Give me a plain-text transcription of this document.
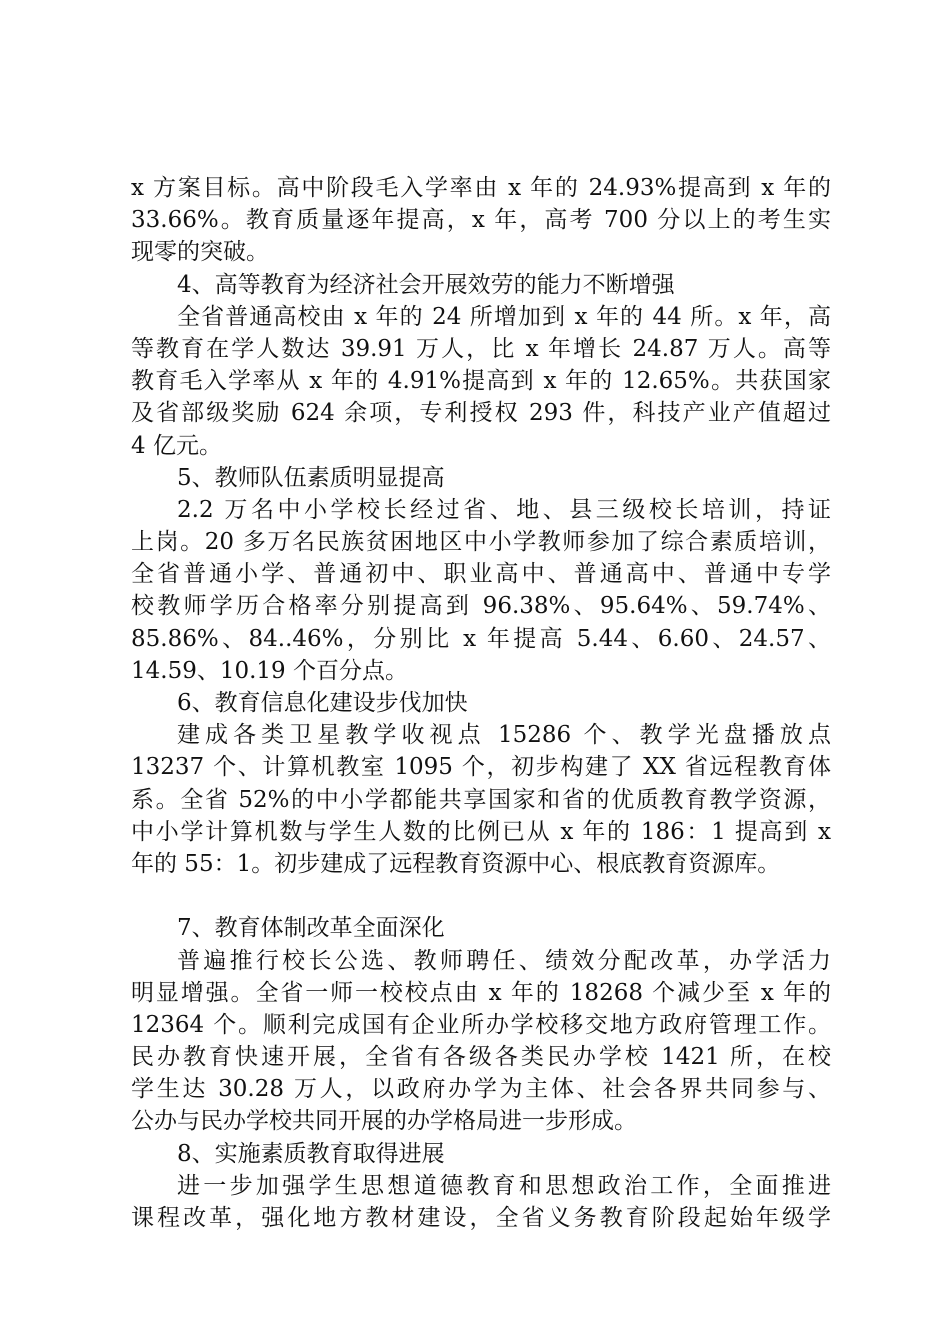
x 方案目标。高中阶段毛入学率由 x 年的 24.93%提高到 x 年的
33.66%。教育质量逐年提高，x 年，高考 700 分以上的考生实
现零的突破。
4、高等教育为经济社会开展效劳的能力不断增强
全省普通高校由 x 年的 24 所增加到 x 年的 44 所。x 年，高
等教育在学人数达 39.91 万人，比 x 年增长 24.87 万人。高等
教育毛入学率从 x 年的 4.91%提高到 x 年的 12.65%。共获国家
及省部级奖励 624 余项，专利授权 293 件，科技产业产值超过
4 亿元。
5、教师队伍素质明显提高
2.2 万名中小学校长经过省、地、县三级校长培训，持证
上岗。20 多万名民族贫困地区中小学教师参加了综合素质培训，
全省普通小学、普通初中、职业高中、普通高中、普通中专学
校教师学历合格率分别提高到 96.38%、95.64%、59.74%、
85.86%、84..46%，分别比 x 年提高 5.44、6.60、24.57、
14.59、10.19 个百分点。
6、教育信息化建设步伐加快
建成各类卫星教学收视点 15286 个、教学光盘播放点
13237 个、计算机教室 1095 个，初步构建了 XX 省远程教育体
系。全省 52%的中小学都能共享国家和省的优质教育教学资源，
中小学计算机数与学生人数的比例已从 x 年的 186：1 提高到 x
年的 55：1。初步建成了远程教育资源中心、根底教育资源库。
7、教育体制改革全面深化
普遍推行校长公选、教师聘任、绩效分配改革，办学活力
明显增强。全省一师一校校点由 x 年的 18268 个减少至 x 年的
12364 个。顺利完成国有企业所办学校移交地方政府管理工作。
民办教育快速开展，全省有各级各类民办学校 1421 所，在校
学生达 30.28 万人，以政府办学为主体、社会各界共同参与、
公办与民办学校共同开展的办学格局进一步形成。
8、实施素质教育取得进展
进一步加强学生思想道德教育和思想政治工作，全面推进
课程改革，强化地方教材建设，全省义务教育阶段起始年级学
